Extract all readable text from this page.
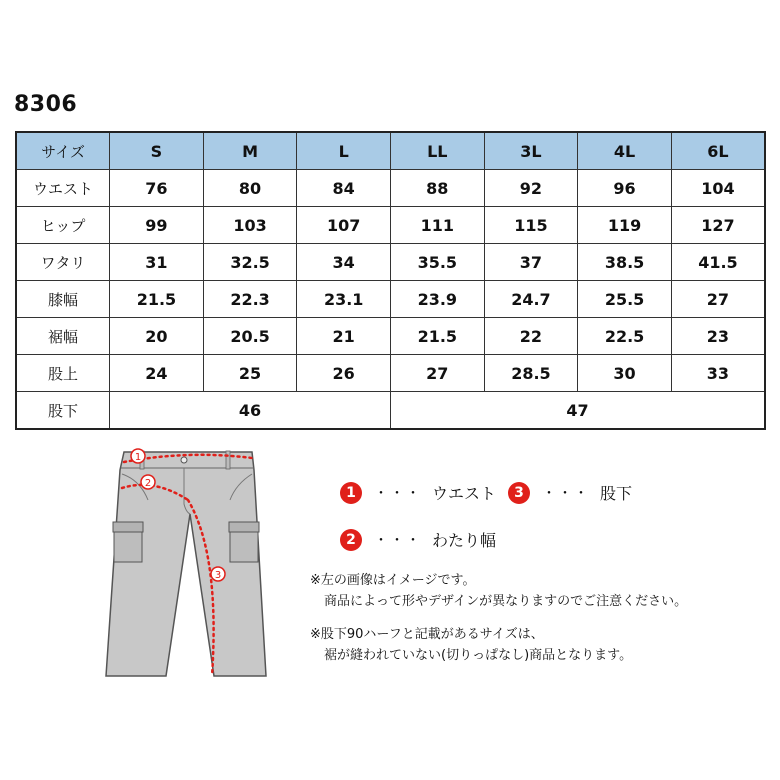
8306
サイズ	S	M	L	LL	3L	4L	6L
ウエスト	76	80	84	88	92	96	104
ヒップ	99	103	107	111	115	119	127
ワタリ	31	32.5	34	35.5	37	38.5	41.5
膝幅	21.5	22.3	23.1	23.9	24.7	25.5	27
裾幅	20	20.5	21	21.5	22	22.5	23
股上	24	25	26	27	28.5	30	33
股下	46			47			
1
2
3
1	・・・ ウエスト	3	・・・ 股下
2	・・・ わたり幅
※左の画像はイメージです。
商品によって形やデザインが異なりますのでご注意ください。
※股下90ハーフと記載があるサイズは、
裾が縫われていない(切りっぱなし)商品となります。
